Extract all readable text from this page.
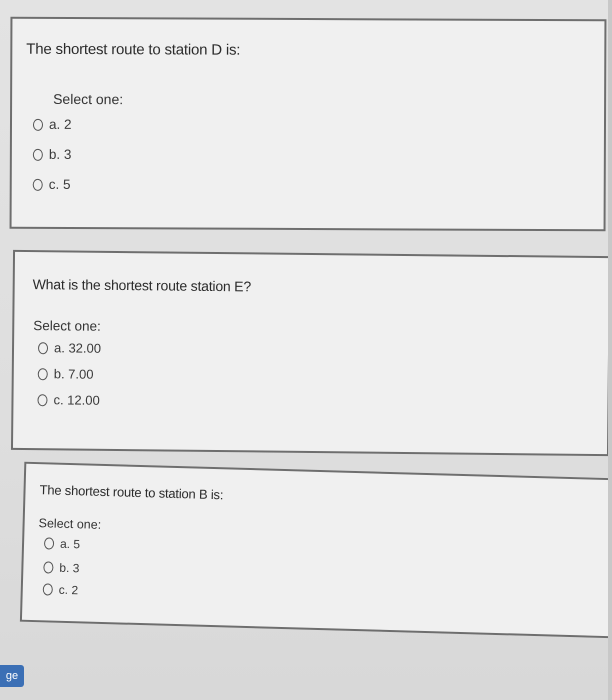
The shortest route to station D is:
Select one:
a. 2
b. 3
c. 5
What is the shortest route station E?
Select one:
a. 32.00
b. 7.00
c. 12.00
The shortest route to station B is:
Select one:
a. 5
b. 3
c. 2
ge
